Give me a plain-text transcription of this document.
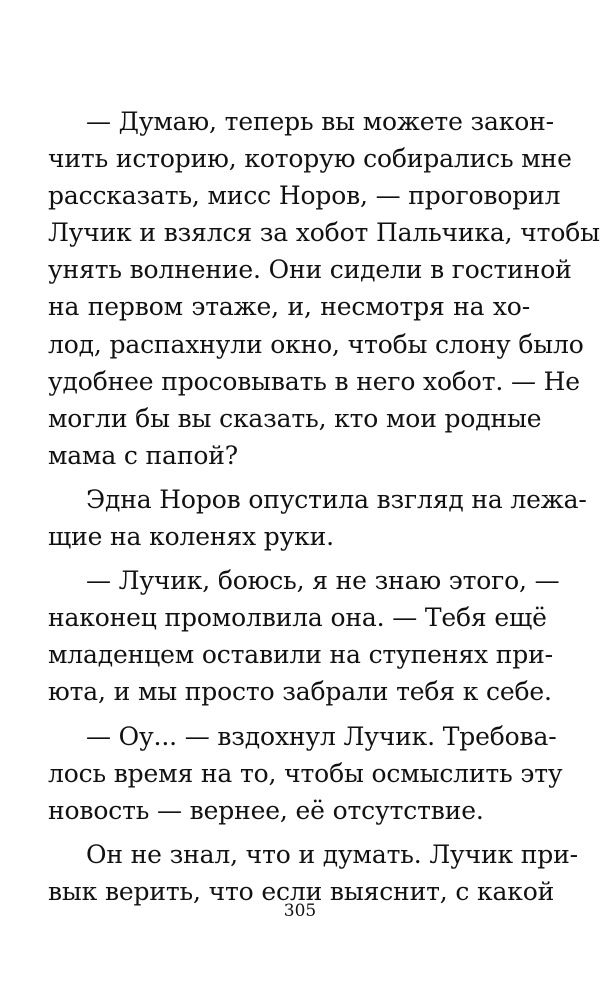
— Думаю, теперь вы можете закон-
чить историю, которую собирались мне
рассказать, мисс Норов, — проговорил
Лучик и взялся за хобот Пальчика, чтобы
унять волнение. Они сидели в гостиной
на первом этаже, и, несмотря на хо-
лод, распахнули окно, чтобы слону было
удобнее просовывать в него хобот. — Не
могли бы вы сказать, кто мои родные
мама с папой?
Эдна Норов опустила взгляд на лежа-
щие на коленях руки.
— Лучик, боюсь, я не знаю этого, —
наконец промолвила она. — Тебя ещё
младенцем оставили на ступенях при-
юта, и мы просто забрали тебя к себе.
— Оу... — вздохнул Лучик. Требова-
лось время на то, чтобы осмыслить эту
новость — вернее, её отсутствие.
Он не знал, что и думать. Лучик при-
вык верить, что если выяснит, с какой
305
